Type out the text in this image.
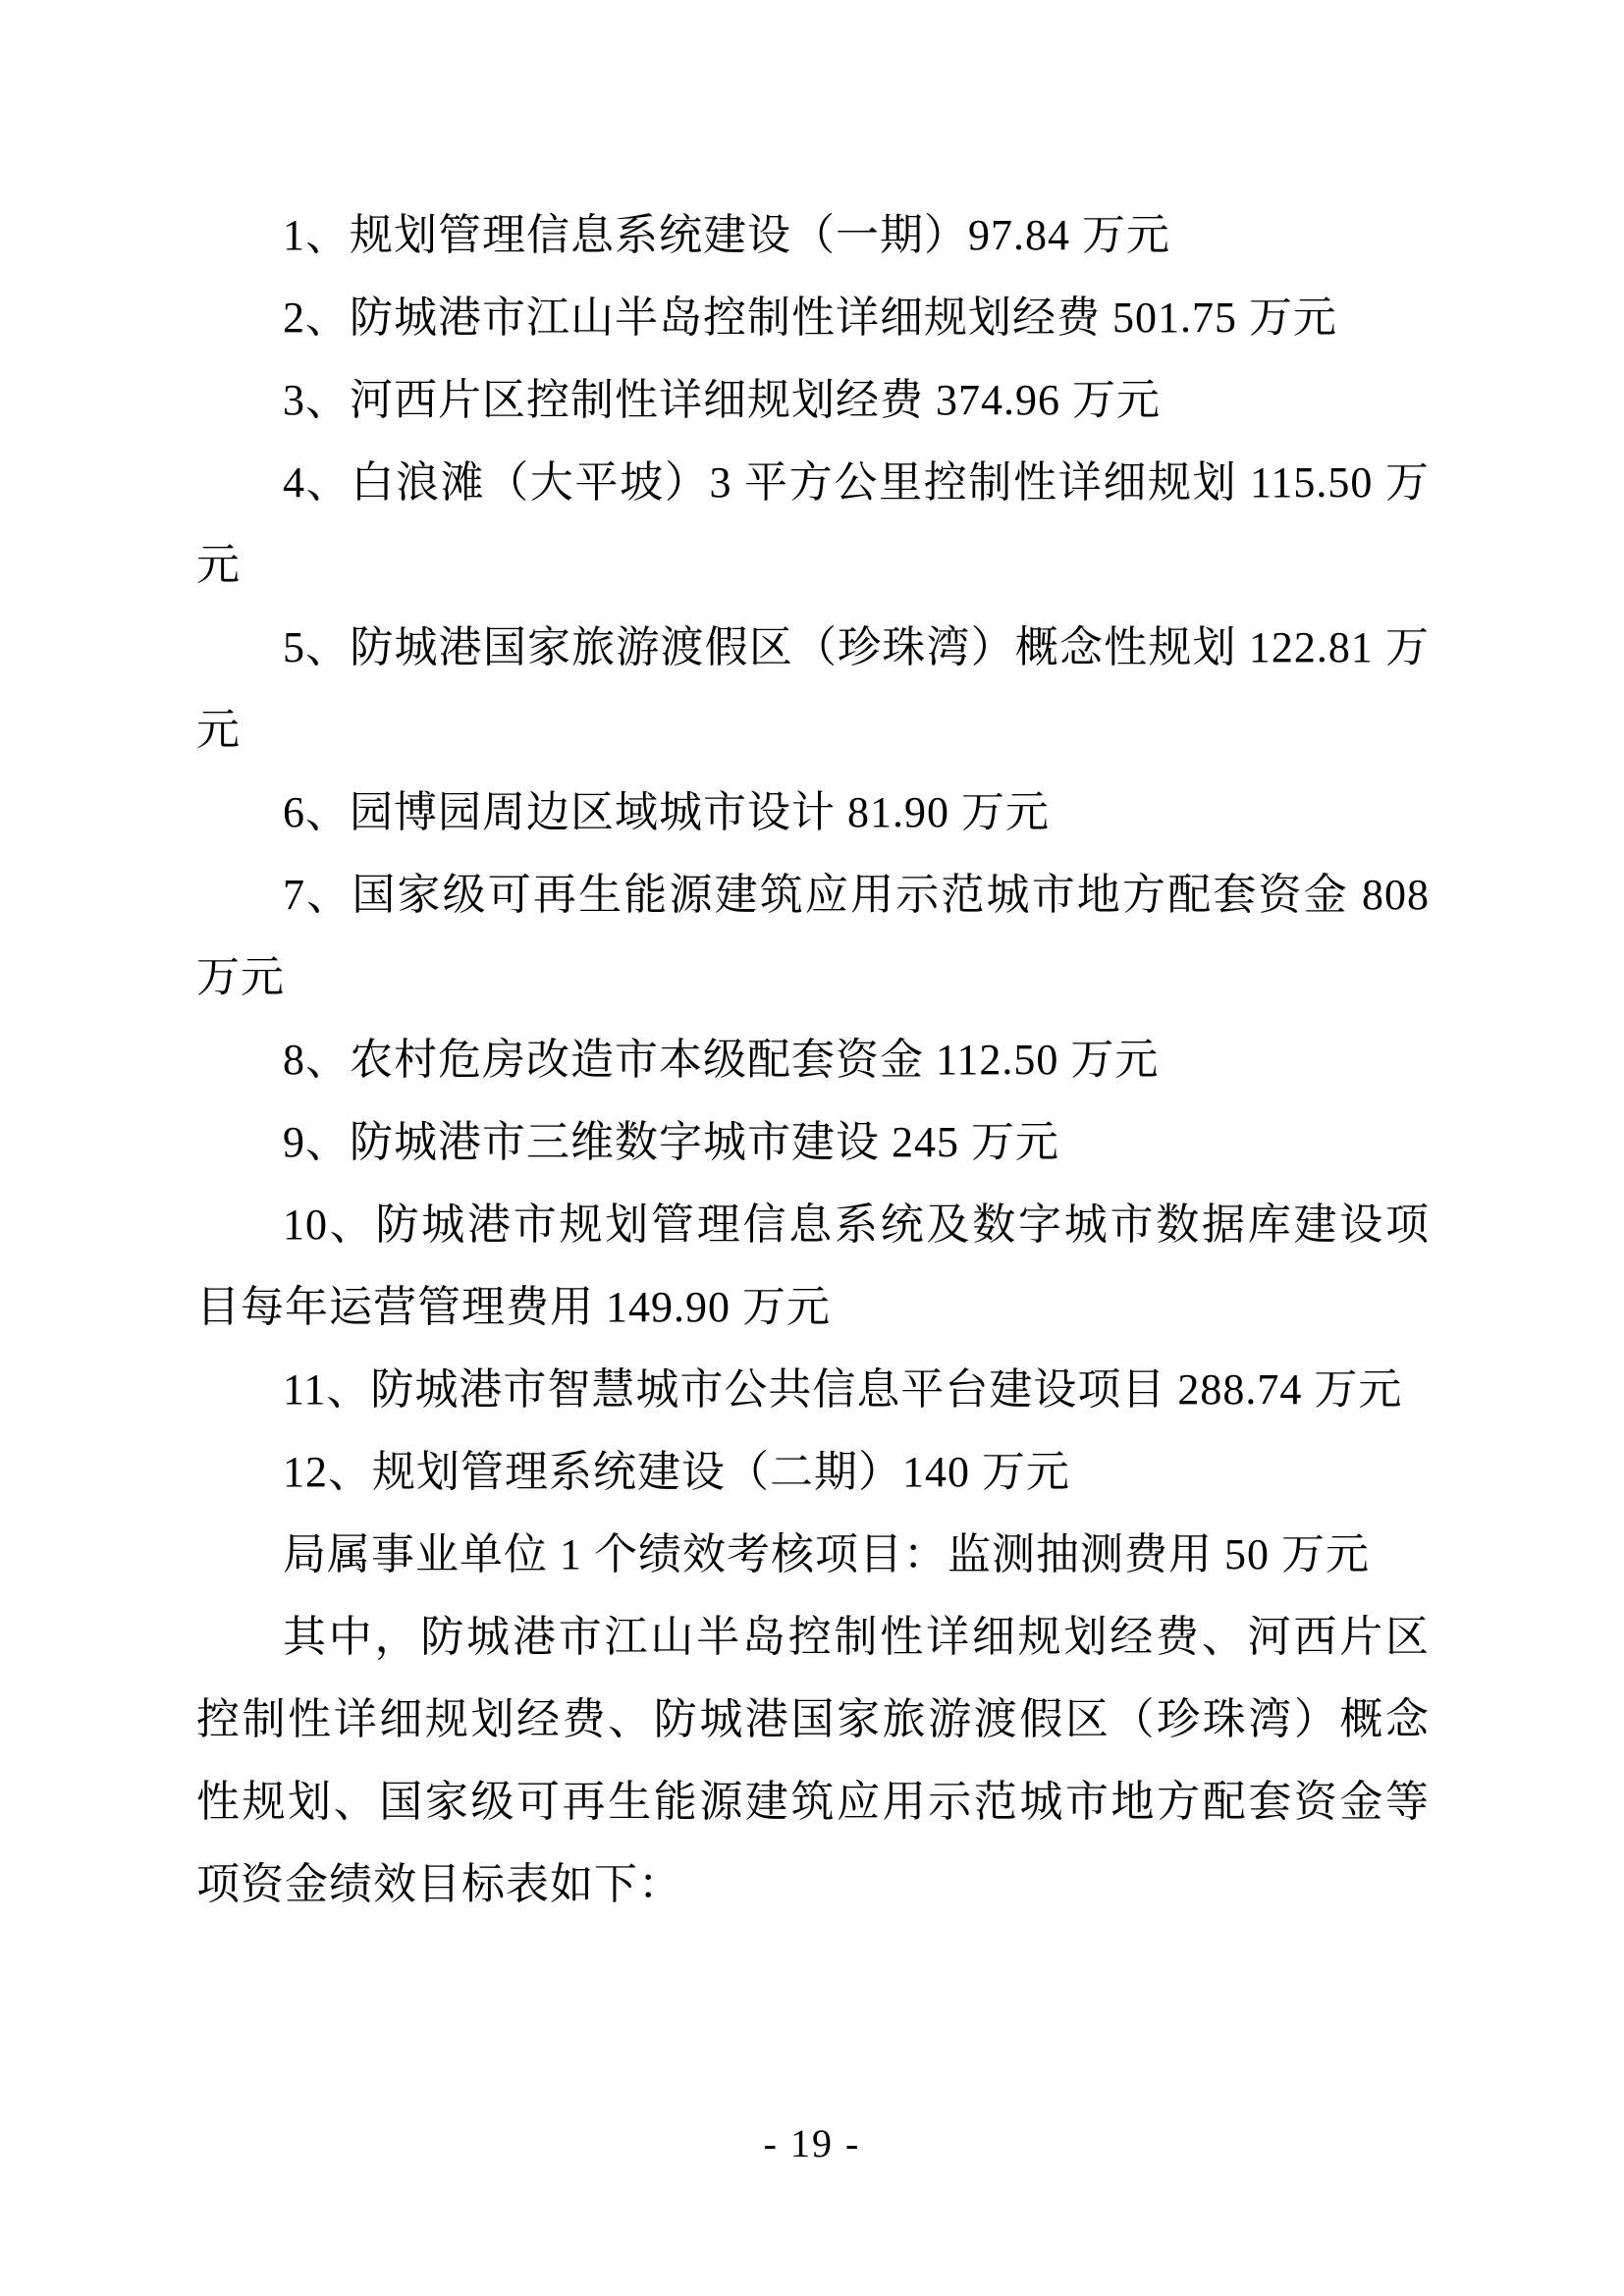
1、规划管理信息系统建设（一期）97.84 万元

2、防城港市江山半岛控制性详细规划经费 501.75 万元

3、河西片区控制性详细规划经费 374.96 万元

4、白浪滩（大平坡）3 平方公里控制性详细规划 115.50 万元

5、防城港国家旅游渡假区（珍珠湾）概念性规划 122.81 万元

6、园博园周边区域城市设计 81.90 万元

7、国家级可再生能源建筑应用示范城市地方配套资金 808 万元

8、农村危房改造市本级配套资金 112.50 万元

9、防城港市三维数字城市建设 245 万元

10、防城港市规划管理信息系统及数字城市数据库建设项目每年运营管理费用 149.90 万元

11、防城港市智慧城市公共信息平台建设项目 288.74 万元

12、规划管理系统建设（二期）140 万元

局属事业单位 1 个绩效考核项目：监测抽测费用 50 万元

其中，防城港市江山半岛控制性详细规划经费、河西片区控制性详细规划经费、防城港国家旅游渡假区（珍珠湾）概念性规划、国家级可再生能源建筑应用示范城市地方配套资金等项资金绩效目标表如下：

- 19 -
